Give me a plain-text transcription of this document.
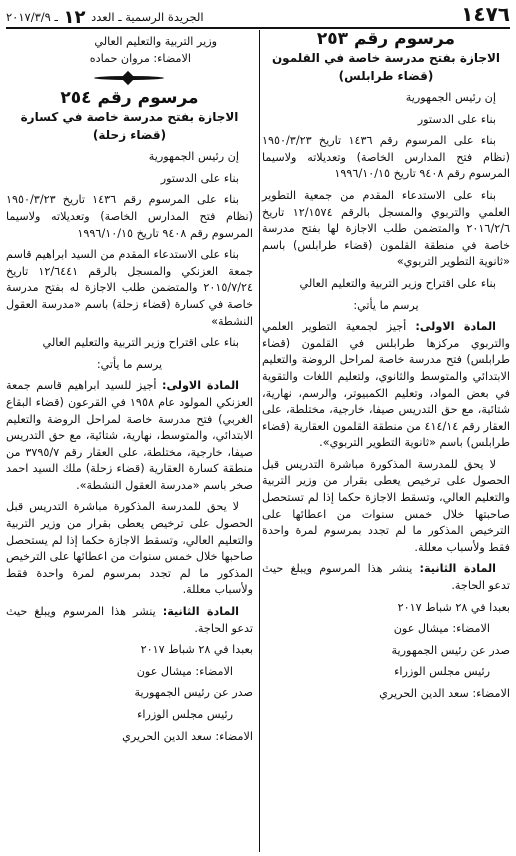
١٤٧٦
الجريدة الرسمية ـ العدد ١٢ ـ ٢٠١٧/٣/٩

مرسوم رقم ٢٥٣

الاجازة بفتح مدرسة خاصة في القلمون

(قضاء طرابلس)

إن رئيس الجمهورية

بناء على الدستور

بناء على المرسوم رقم ١٤٣٦ تاريخ ١٩٥٠/٣/٢٣ (نظام فتح المدارس الخاصة) وتعديلاته ولاسيما المرسوم رقم ٩٤٠٨ تاريخ ١٩٩٦/١٠/١٥

بناء على الاستدعاء المقدم من جمعية التطوير العلمي والتربوي والمسجل بالرقم ١٢/١٥٧٤ تاريخ ٢٠١٦/٢/٦ والمتضمن طلب الاجازة لها بفتح مدرسة خاصة في منطقة القلمون (قضاء طرابلس) باسم «ثانوية التطوير التربوي»

بناء على اقتراح وزير التربية والتعليم العالي

يرسم ما يأتي:

المادة الاولى: أجيز لجمعية التطوير العلمي والتربوي مركزها طرابلس في القلمون (قضاء طرابلس) فتح مدرسة خاصة لمراحل الروضة والتعليم الابتدائي والمتوسط والثانوي، ولتعليم اللغات والتقوية في بعض المواد، وتعليم الكمبيوتر، والرسم، نهارية، شتائية، مع حق التدريس صيفا، خارجية، مختلطة، على العقار رقم ٤١٤/١٤ من منطقة القلمون العقارية (قضاء طرابلس) باسم «ثانوية التطوير التربوي».

لا يحق للمدرسة المذكورة مباشرة التدريس قبل الحصول على ترخيص يعطى بقرار من وزير التربية والتعليم العالي، وتسقط الاجازة حكما إذا لم تستحصل صاحبتها خلال خمس سنوات من اعطائها على الترخيص المذكور ما لم تجدد بمرسوم لمرة واحدة فقط ولأسباب معللة.

المادة الثانية: ينشر هذا المرسوم ويبلغ حيث تدعو الحاجة.

بعبدا في ٢٨ شباط ٢٠١٧

الامضاء: ميشال عون

صدر عن رئيس الجمهورية

رئيس مجلس الوزراء

الامضاء: سعد الدين الحريري

وزير التربية والتعليم العالي

الامضاء: مروان حماده

مرسوم رقم ٢٥٤

الاجازة بفتح مدرسة خاصة في كسارة

(قضاء زحلة)

إن رئيس الجمهورية

بناء على الدستور

بناء على المرسوم رقم ١٤٣٦ تاريخ ١٩٥٠/٣/٢٣ (نظام فتح المدارس الخاصة) وتعديلاته ولاسيما المرسوم رقم ٩٤٠٨ تاريخ ١٩٩٦/١٠/١٥

بناء على الاستدعاء المقدم من السيد ابراهيم قاسم جمعة العزنكي والمسجل بالرقم ١٢/٦٤٤١ تاريخ ٢٠١٥/٧/٢٤ والمتضمن طلب الاجازة له بفتح مدرسة خاصة في كسارة (قضاء زحلة) باسم «مدرسة العقول النشطة»

بناء على اقتراح وزير التربية والتعليم العالي

يرسم ما يأتي:

المادة الاولى: أجيز للسيد ابراهيم قاسم جمعة العزنكي المولود عام ١٩٥٨ في القرعون (قضاء البقاع الغربي) فتح مدرسة خاصة لمراحل الروضة والتعليم الابتدائي، والمتوسط، نهارية، شتائية، مع حق التدريس صيفا، خارجية، مختلطة، على العقار رقم ٣٧٩٥/٧ من منطقة كسارة العقارية (قضاء زحلة) ملك السيد احمد صخر باسم «مدرسة العقول النشطة».

لا يحق للمدرسة المذكورة مباشرة التدريس قبل الحصول على ترخيص يعطى بقرار من وزير التربية والتعليم العالي، وتسقط الاجازة حكما إذا لم يستحصل صاحبها خلال خمس سنوات من اعطائها على الترخيص المذكور ما لم تجدد بمرسوم لمرة واحدة فقط ولأسباب معللة.

المادة الثانية: ينشر هذا المرسوم ويبلغ حيث تدعو الحاجة.

بعبدا في ٢٨ شباط ٢٠١٧

الامضاء: ميشال عون

صدر عن رئيس الجمهورية

رئيس مجلس الوزراء

الامضاء: سعد الدين الحريري
